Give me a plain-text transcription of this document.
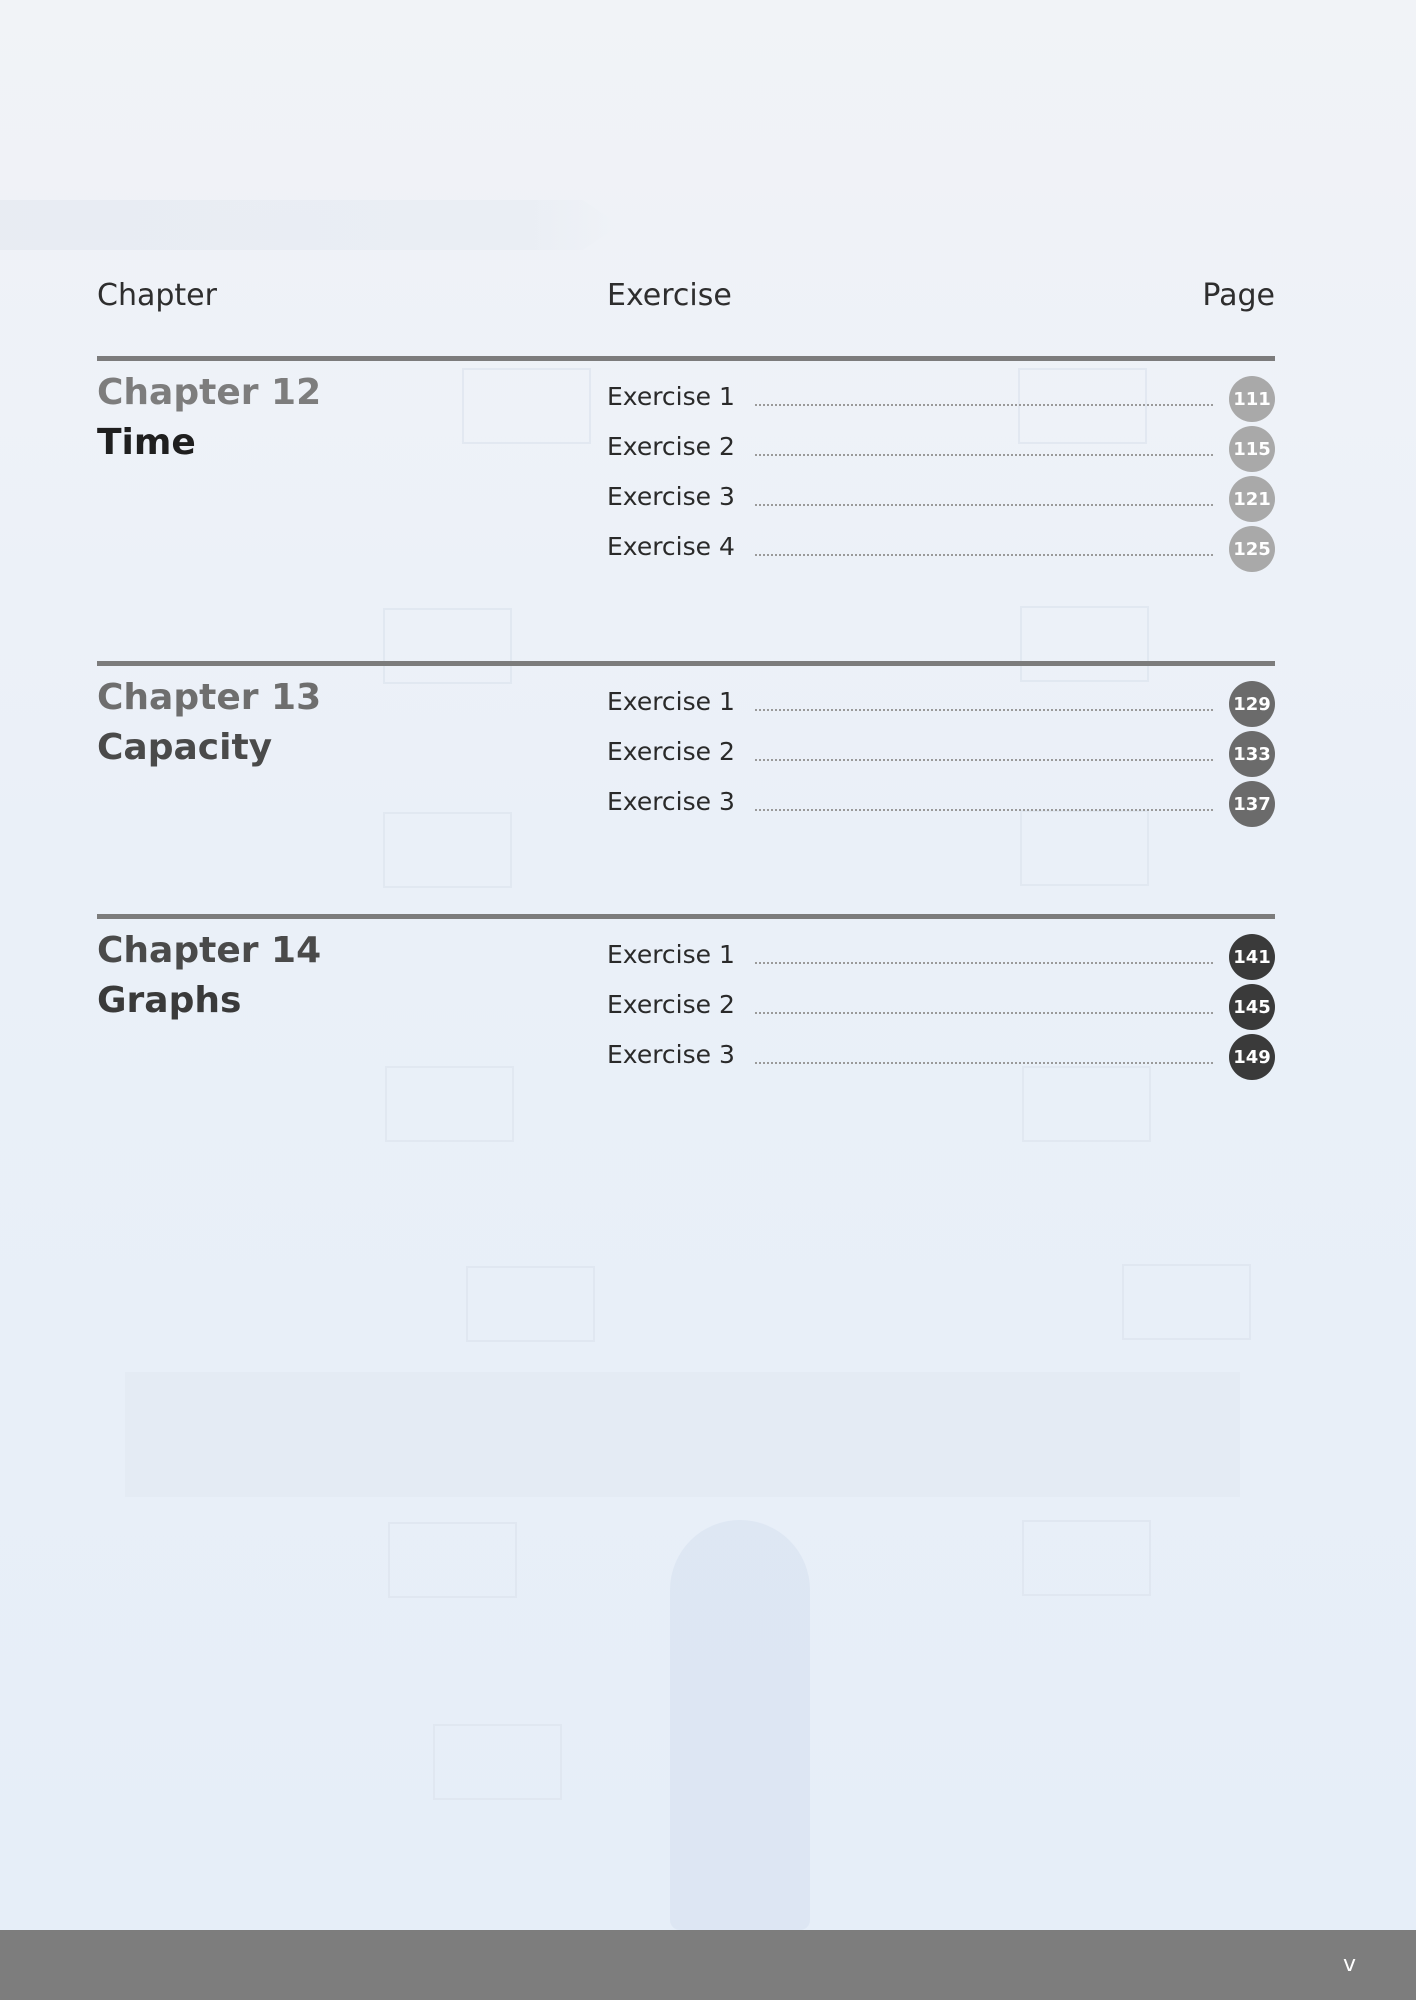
Chapter	Exercise	Page
Chapter 12
Time
Exercise 1	111
Exercise 2	115
Exercise 3	121
Exercise 4	125
Chapter 13
Capacity
Exercise 1	129
Exercise 2	133
Exercise 3	137
Chapter 14
Graphs
Exercise 1	141
Exercise 2	145
Exercise 3	149
v
